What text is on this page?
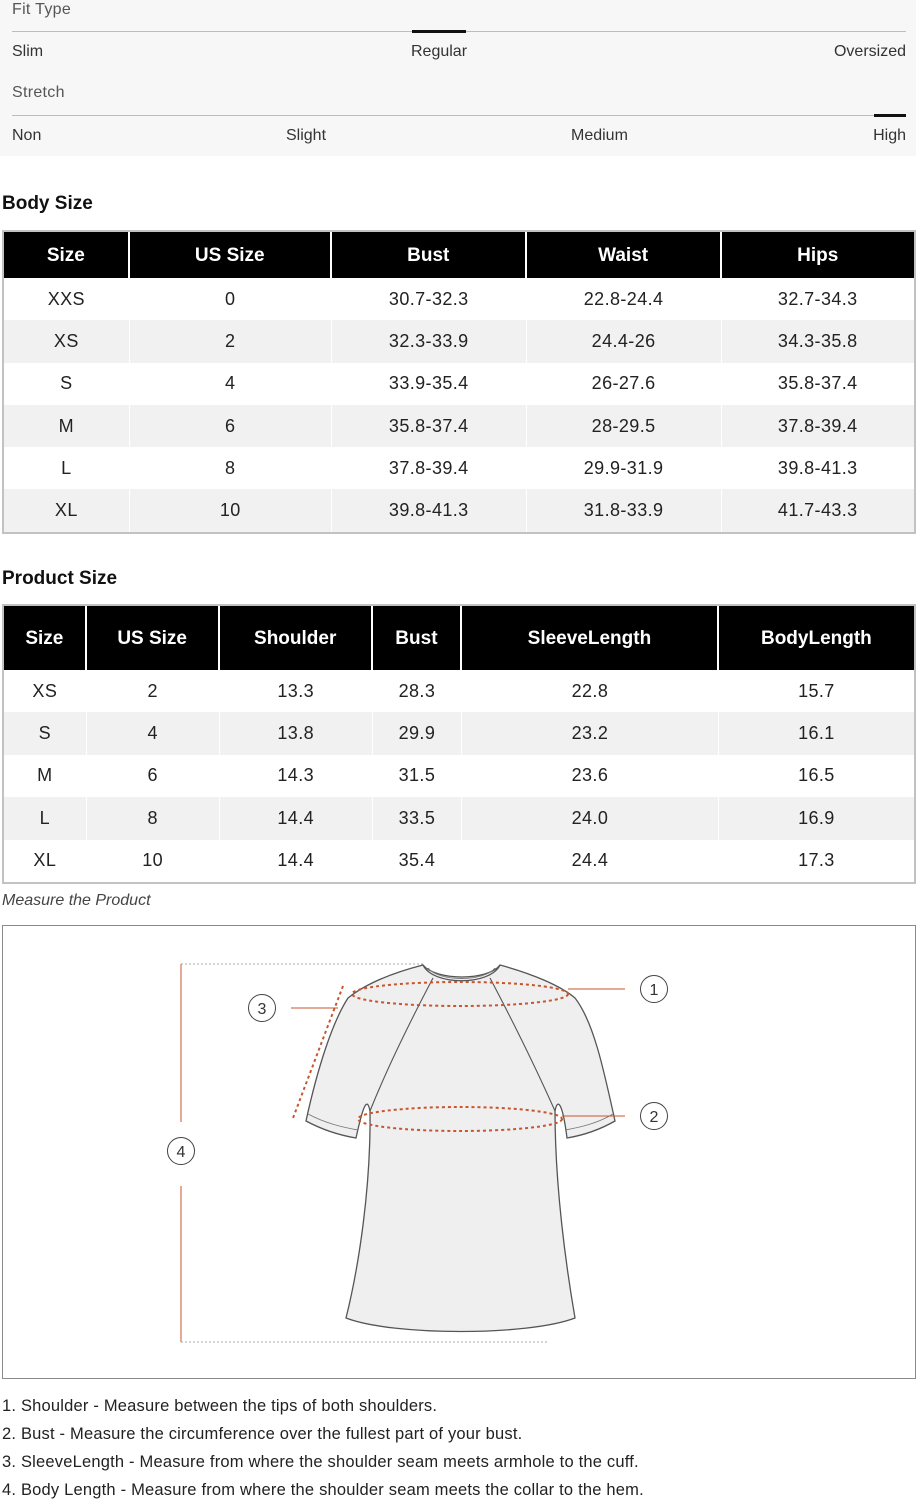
Fit Type
Slim	Regular	Oversized
Stretch
Non	Slight	Medium	High
Body Size
Size	US Size	Bust	Waist	Hips
XXS	0	30.7-32.3	22.8-24.4	32.7-34.3
XS	2	32.3-33.9	24.4-26	34.3-35.8
S	4	33.9-35.4	26-27.6	35.8-37.4
M	6	35.8-37.4	28-29.5	37.8-39.4
L	8	37.8-39.4	29.9-31.9	39.8-41.3
XL	10	39.8-41.3	31.8-33.9	41.7-43.3
Product Size
Size	US Size	Shoulder	Bust	SleeveLength	BodyLength
XS	2	13.3	28.3	22.8	15.7
S	4	13.8	29.9	23.2	16.1
M	6	14.3	31.5	23.6	16.5
L	8	14.4	33.5	24.0	16.9
XL	10	14.4	35.4	24.4	17.3
Measure the Product
1
2
3
4
1. Shoulder - Measure between the tips of both shoulders.
2. Bust - Measure the circumference over the fullest part of your bust.
3. SleeveLength - Measure from where the shoulder seam meets armhole to the cuff.
4. Body Length - Measure from where the shoulder seam meets the collar to the hem.
